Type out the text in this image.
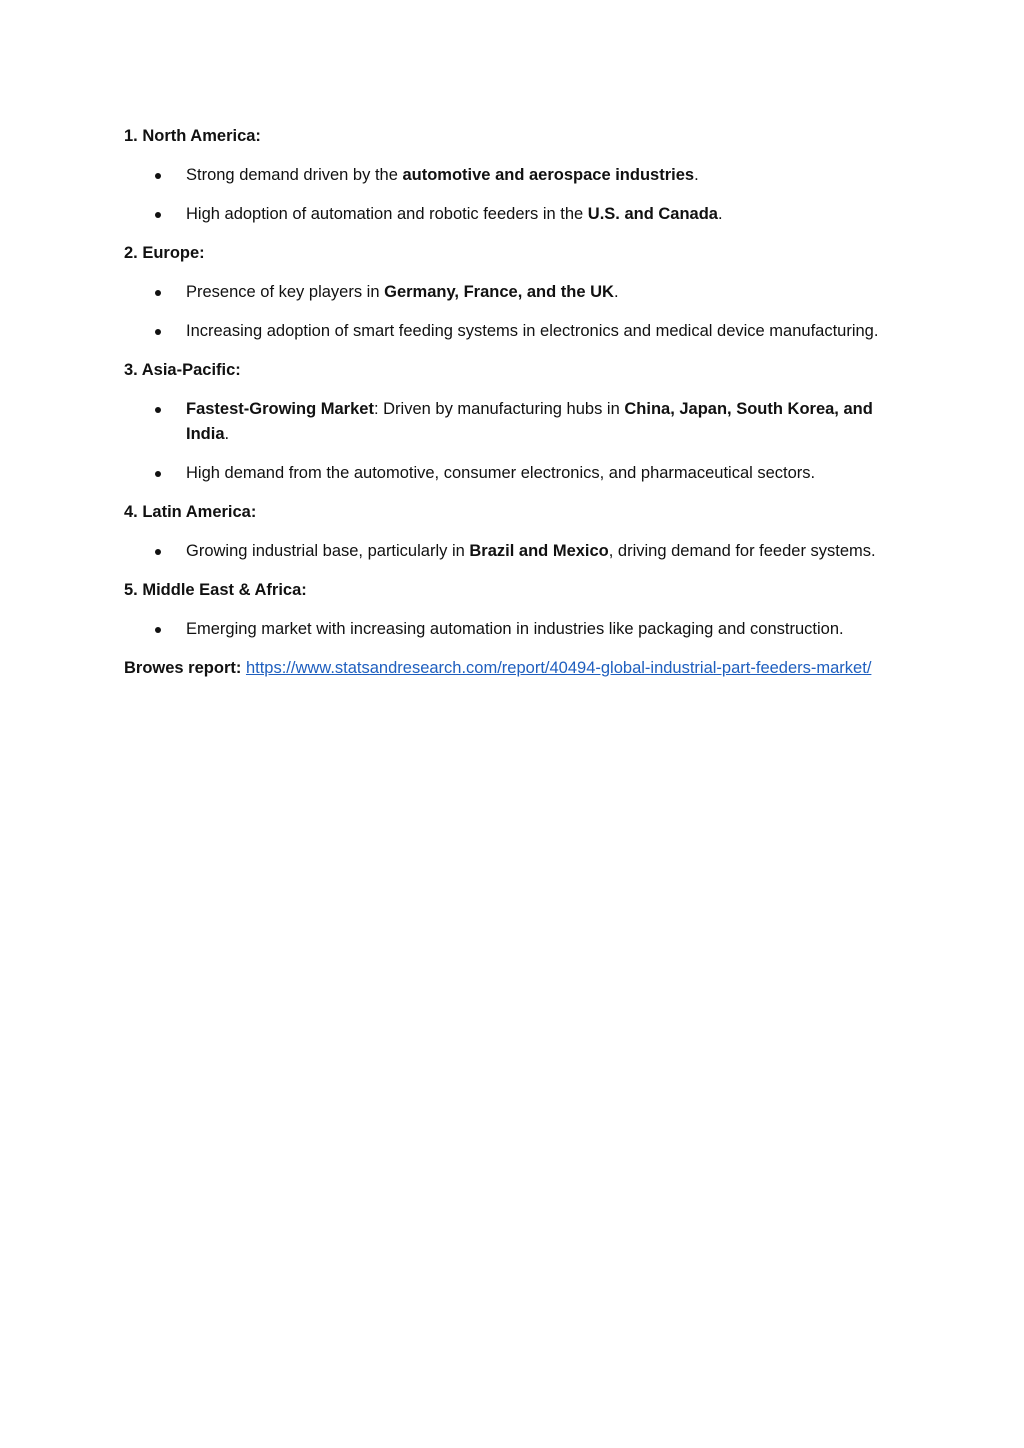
1. North America:

Strong demand driven by the automotive and aerospace industries.
High adoption of automation and robotic feeders in the U.S. and Canada.

2. Europe:

Presence of key players in Germany, France, and the UK.
Increasing adoption of smart feeding systems in electronics and medical device manufacturing.

3. Asia-Pacific:

Fastest-Growing Market: Driven by manufacturing hubs in China, Japan, South Korea, and India.
High demand from the automotive, consumer electronics, and pharmaceutical sectors.

4. Latin America:

Growing industrial base, particularly in Brazil and Mexico, driving demand for feeder systems.

5. Middle East & Africa:

Emerging market with increasing automation in industries like packaging and construction.

Browes report: https://www.statsandresearch.com/report/40494-global-industrial-part-feeders-market/
